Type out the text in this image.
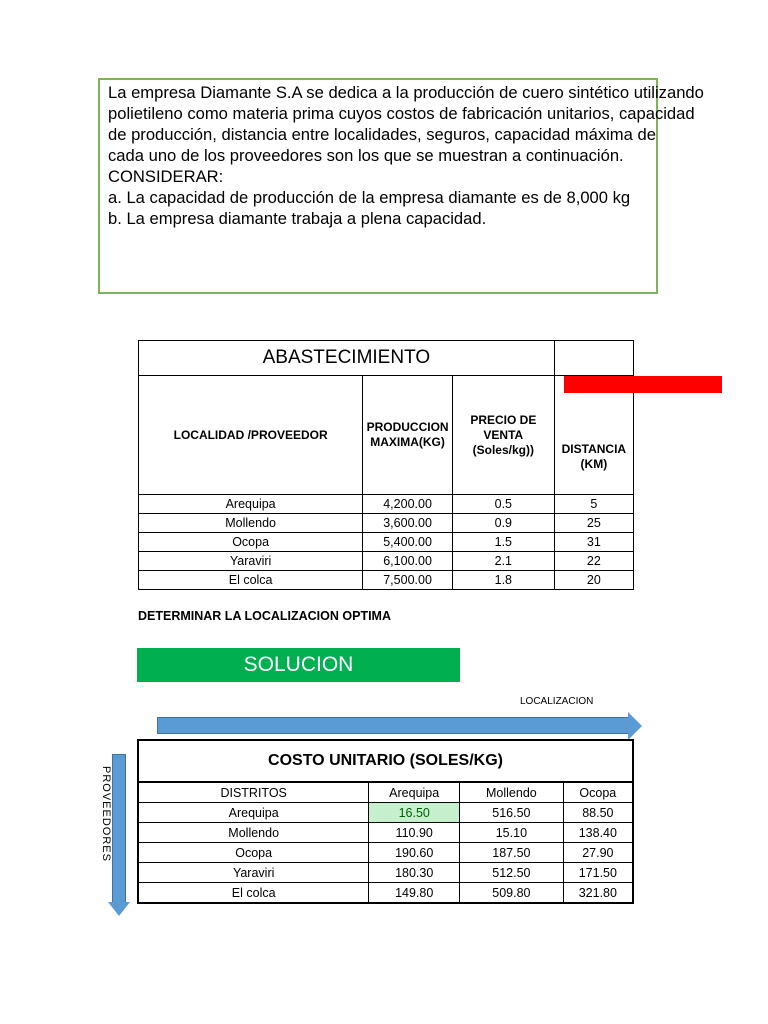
La empresa Diamante S.A se dedica a la producción de cuero sintético utilizando

polietileno como materia prima cuyos costos de fabricación unitarios, capacidad

de producción, distancia entre localidades, seguros, capacidad máxima de

cada uno de los proveedores son los que se muestran a continuación.

CONSIDERAR:

a. La capacidad de producción de la empresa diamante es de 8,000 kg

b. La empresa diamante trabaja a plena capacidad.

ABASTECIMIENTO			
LOCALIDAD /PROVEEDOR	PRODUCCION MAXIMA(KG)	PRECIO DE VENTA (Soles/kg))	DISTANCIA (KM)
Arequipa	4,200.00	0.5	5
Mollendo	3,600.00	0.9	25
Ocopa	5,400.00	1.5	31
Yaraviri	6,100.00	2.1	22
El colca	7,500.00	1.8	20
DETERMINAR LA LOCALIZACION OPTIMA
SOLUCION
LOCALIZACION
PROVEEDORES
COSTO UNITARIO (SOLES/KG)			
DISTRITOS	Arequipa	Mollendo	Ocopa
Arequipa	16.50	516.50	88.50
Mollendo	110.90	15.10	138.40
Ocopa	190.60	187.50	27.90
Yaraviri	180.30	512.50	171.50
El colca	149.80	509.80	321.80
